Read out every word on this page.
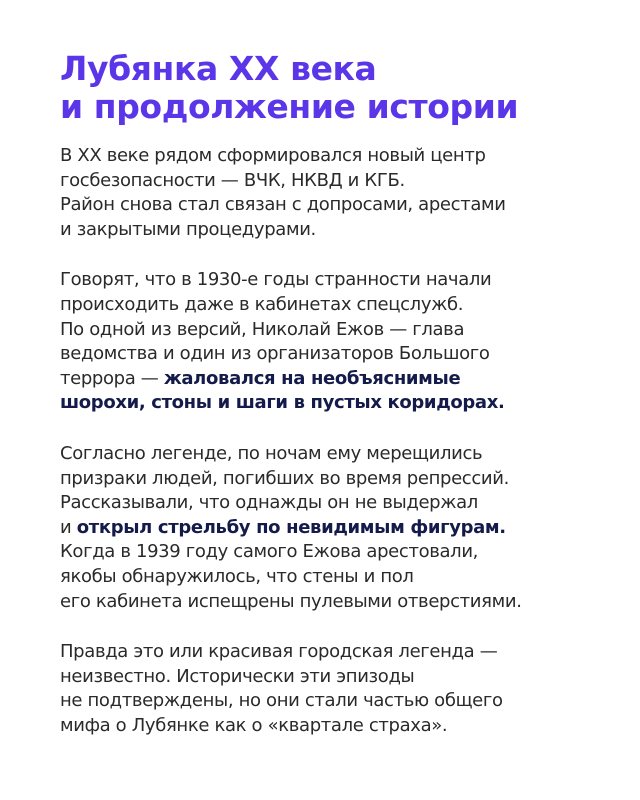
Лубянка XX века
и продолжение истории

В XX веке рядом сформировался новый центр
госбезопасности — ВЧК, НКВД и КГБ.
Район снова стал связан с допросами, арестами
и закрытыми процедурами.

Говорят, что в 1930-е годы странности начали
происходить даже в кабинетах спецслужб.
По одной из версий, Николай Ежов — глава
ведомства и один из организаторов Большого
террора — жаловался на необъяснимые
шорохи, стоны и шаги в пустых коридорах.

Согласно легенде, по ночам ему мерещились
призраки людей, погибших во время репрессий.
Рассказывали, что однажды он не выдержал
и открыл стрельбу по невидимым фигурам.
Когда в 1939 году самого Ежова арестовали,
якобы обнаружилось, что стены и пол
его кабинета испещрены пулевыми отверстиями.

Правда это или красивая городская легенда —
неизвестно. Исторически эти эпизоды
не подтверждены, но они стали частью общего
мифа о Лубянке как о «квартале страха».
